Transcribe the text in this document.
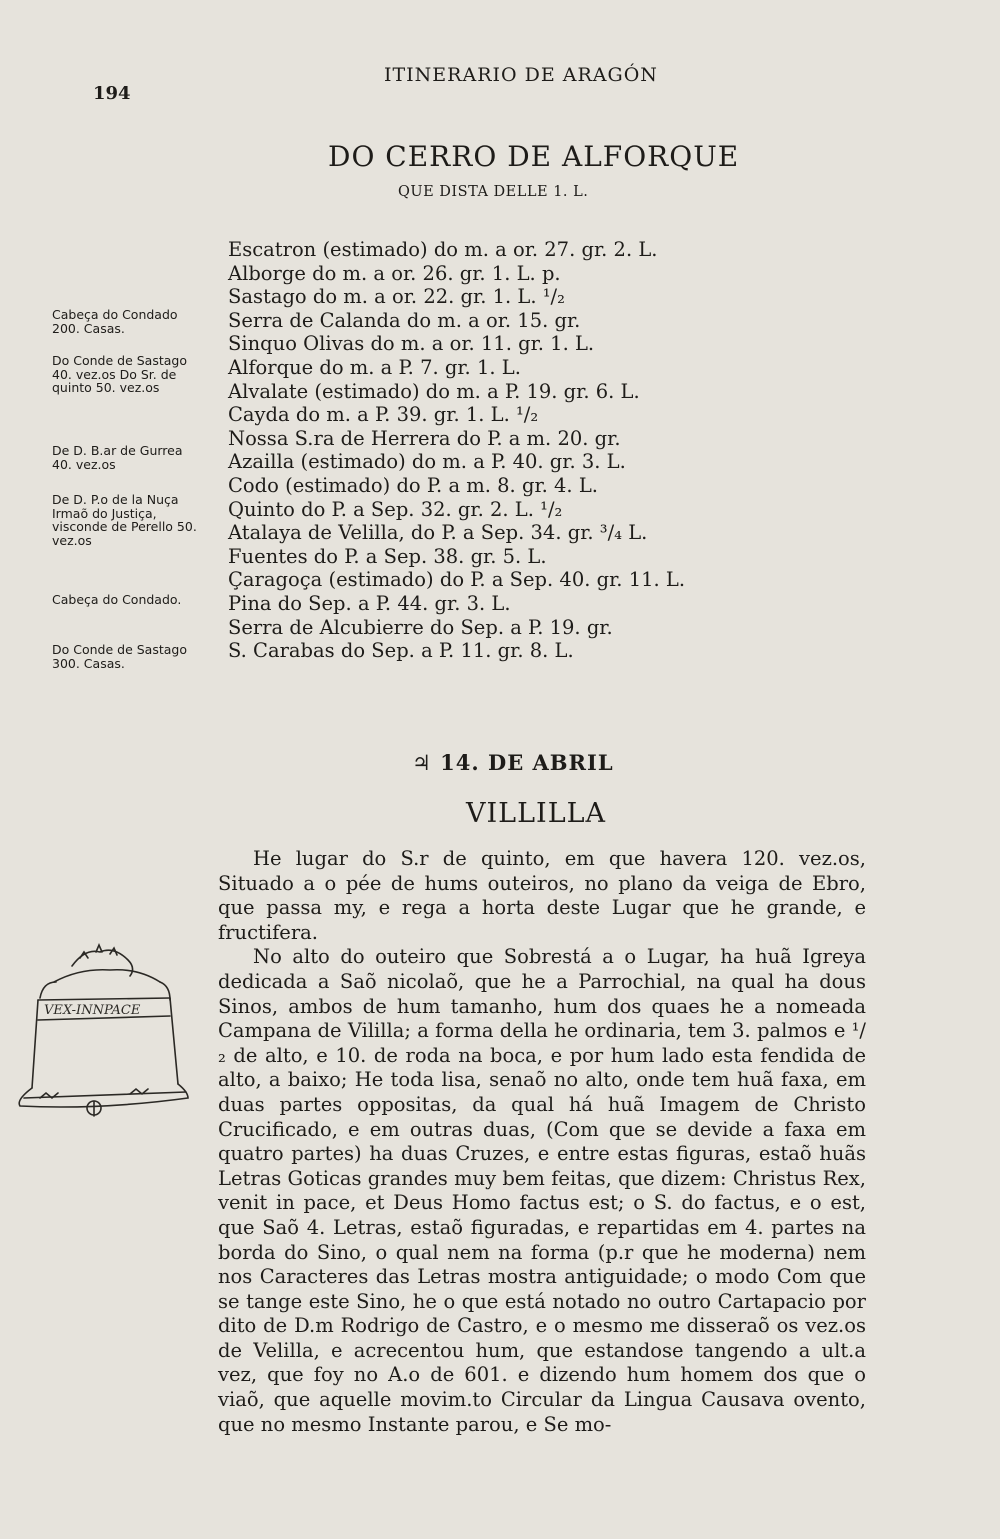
194
ITINERARIO DE ARAGÓN
DO CERRO DE ALFORQUE
QUE DISTA DELLE 1. L.
Escatron (estimado) do m. a or. 27. gr. 2. L.
Alborge do m. a or. 26. gr. 1. L. p.
Sastago do m. a or. 22. gr. 1. L. ¹/₂
Serra de Calanda do m. a or. 15. gr.
Sinquo Olivas do m. a or. 11. gr. 1. L.
Alforque do m. a P. 7. gr. 1. L.
Alvalate (estimado) do m. a P. 19. gr. 6. L.
Cayda do m. a P. 39. gr. 1. L. ¹/₂
Nossa S.ra de Herrera do P. a m. 20. gr.
Azailla (estimado) do m. a P. 40. gr. 3. L.
Codo (estimado) do P. a m. 8. gr. 4. L.
Quinto do P. a Sep. 32. gr. 2. L. ¹/₂
Atalaya de Velilla, do P. a Sep. 34. gr. ³/₄ L.
Fuentes do P. a Sep. 38. gr. 5. L.
Çaragoça (estimado) do P. a Sep. 40. gr. 11. L.
Pina do Sep. a P. 44. gr. 3. L.
Serra de Alcubierre do Sep. a P. 19. gr.
S. Carabas do Sep. a P. 11. gr. 8. L.
Cabeça do Condado 200. Casas.
Do Conde de Sastago 40. vez.os Do Sr. de quinto 50. vez.os
De D. B.ar de Gurrea 40. vez.os
De D. P.o de la Nuça Irmaõ do Justiça, visconde de Perello 50. vez.os
Cabeça do Condado.
Do Conde de Sastago 300. Casas.
♃ 14. DE ABRIL
VILLILLA

He lugar do S.r de quinto, em que havera 120. vez.os, Situado a o pée de hums outeiros, no plano da veiga de Ebro, que passa my, e rega a horta deste Lugar que he grande, e fructifera.

No alto do outeiro que Sobrestá a o Lugar, ha huã Igreya dedicada a Saõ nicolaõ, que he a Parrochial, na qual ha dous Sinos, ambos de hum tamanho, hum dos quaes he a nomeada Campana de Vililla; a forma della he ordinaria, tem 3. palmos e ¹/₂ de alto, e 10. de roda na boca, e por hum lado esta fendida de alto, a baixo; He toda lisa, senaõ no alto, onde tem huã faxa, em duas partes oppositas, da qual há huã Imagem de Christo Crucificado, e em outras duas, (Com que se devide a faxa em quatro partes) ha duas Cruzes, e entre estas figuras, estaõ huãs Letras Goticas grandes muy bem feitas, que dizem: Christus Rex, venit in pace, et Deus Homo factus est; o S. do factus, e o est, que Saõ 4. Letras, estaõ figuradas, e repartidas em 4. partes na borda do Sino, o qual nem na forma (p.r que he moderna) nem nos Caracteres das Letras mostra antiguidade; o modo Com que se tange este Sino, he o que está notado no outro Cartapacio por dito de D.m Rodrigo de Castro, e o mesmo me disseraõ os vez.os de Velilla, e acrecentou hum, que estandose tangendo a ult.a vez, que foy no A.o de 601. e dizendo hum homem dos que o viaõ, que aquelle movim.to Circular da Lingua Causava ovento, que no mesmo Instante parou, e Se mo-

VEX-INNPACE
